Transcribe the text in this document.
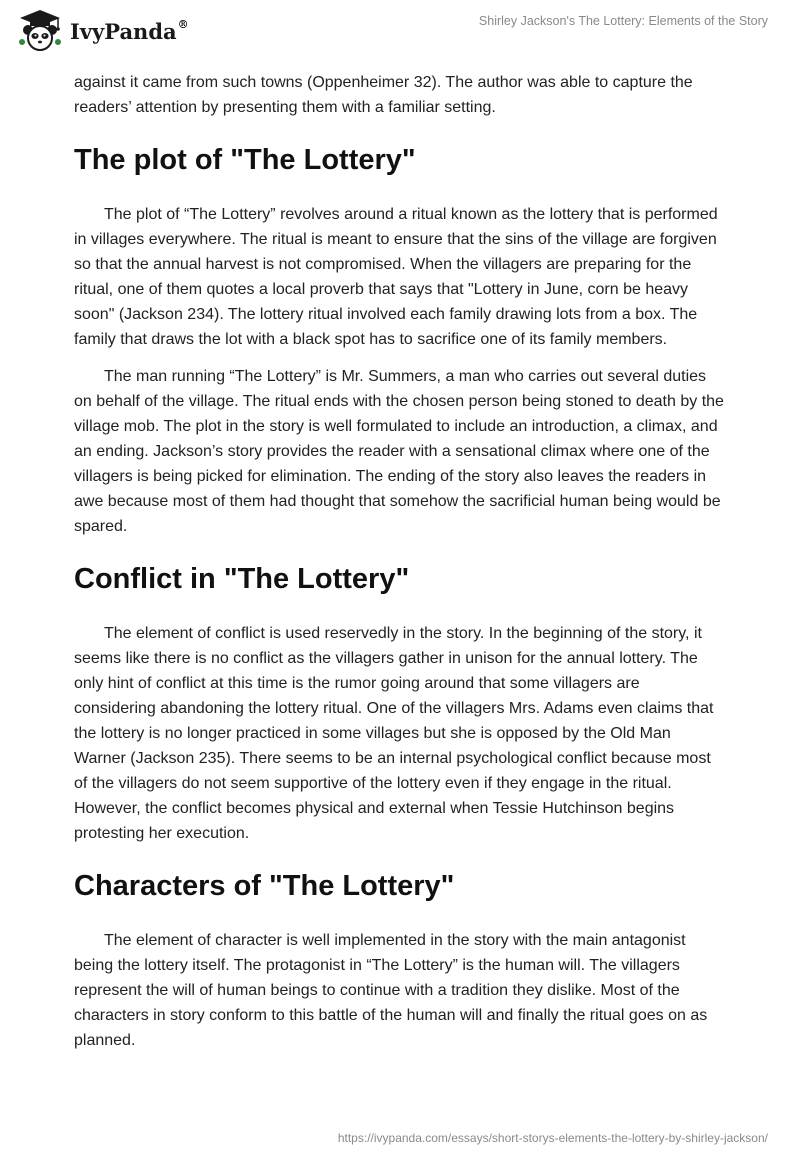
IvyPanda®	Shirley Jackson's The Lottery: Elements of the Story

against it came from such towns (Oppenheimer 32). The author was able to capture the readers’ attention by presenting them with a familiar setting.

The plot of "The Lottery"

The plot of “The Lottery” revolves around a ritual known as the lottery that is performed in villages everywhere. The ritual is meant to ensure that the sins of the village are forgiven so that the annual harvest is not compromised. When the villagers are preparing for the ritual, one of them quotes a local proverb that says that "Lottery in June, corn be heavy soon" (Jackson 234). The lottery ritual involved each family drawing lots from a box. The family that draws the lot with a black spot has to sacrifice one of its family members.

The man running “The Lottery” is Mr. Summers, a man who carries out several duties on behalf of the village. The ritual ends with the chosen person being stoned to death by the village mob. The plot in the story is well formulated to include an introduction, a climax, and an ending. Jackson’s story provides the reader with a sensational climax where one of the villagers is being picked for elimination. The ending of the story also leaves the readers in awe because most of them had thought that somehow the sacrificial human being would be spared.

Conflict in "The Lottery"

The element of conflict is used reservedly in the story. In the beginning of the story, it seems like there is no conflict as the villagers gather in unison for the annual lottery. The only hint of conflict at this time is the rumor going around that some villagers are considering abandoning the lottery ritual. One of the villagers Mrs. Adams even claims that the lottery is no longer practiced in some villages but she is opposed by the Old Man Warner (Jackson 235). There seems to be an internal psychological conflict because most of the villagers do not seem supportive of the lottery even if they engage in the ritual. However, the conflict becomes physical and external when Tessie Hutchinson begins protesting her execution.

Characters of "The Lottery"

The element of character is well implemented in the story with the main antagonist being the lottery itself. The protagonist in “The Lottery” is the human will. The villagers represent the will of human beings to continue with a tradition they dislike. Most of the characters in story conform to this battle of the human will and finally the ritual goes on as planned.

https://ivypanda.com/essays/short-storys-elements-the-lottery-by-shirley-jackson/
